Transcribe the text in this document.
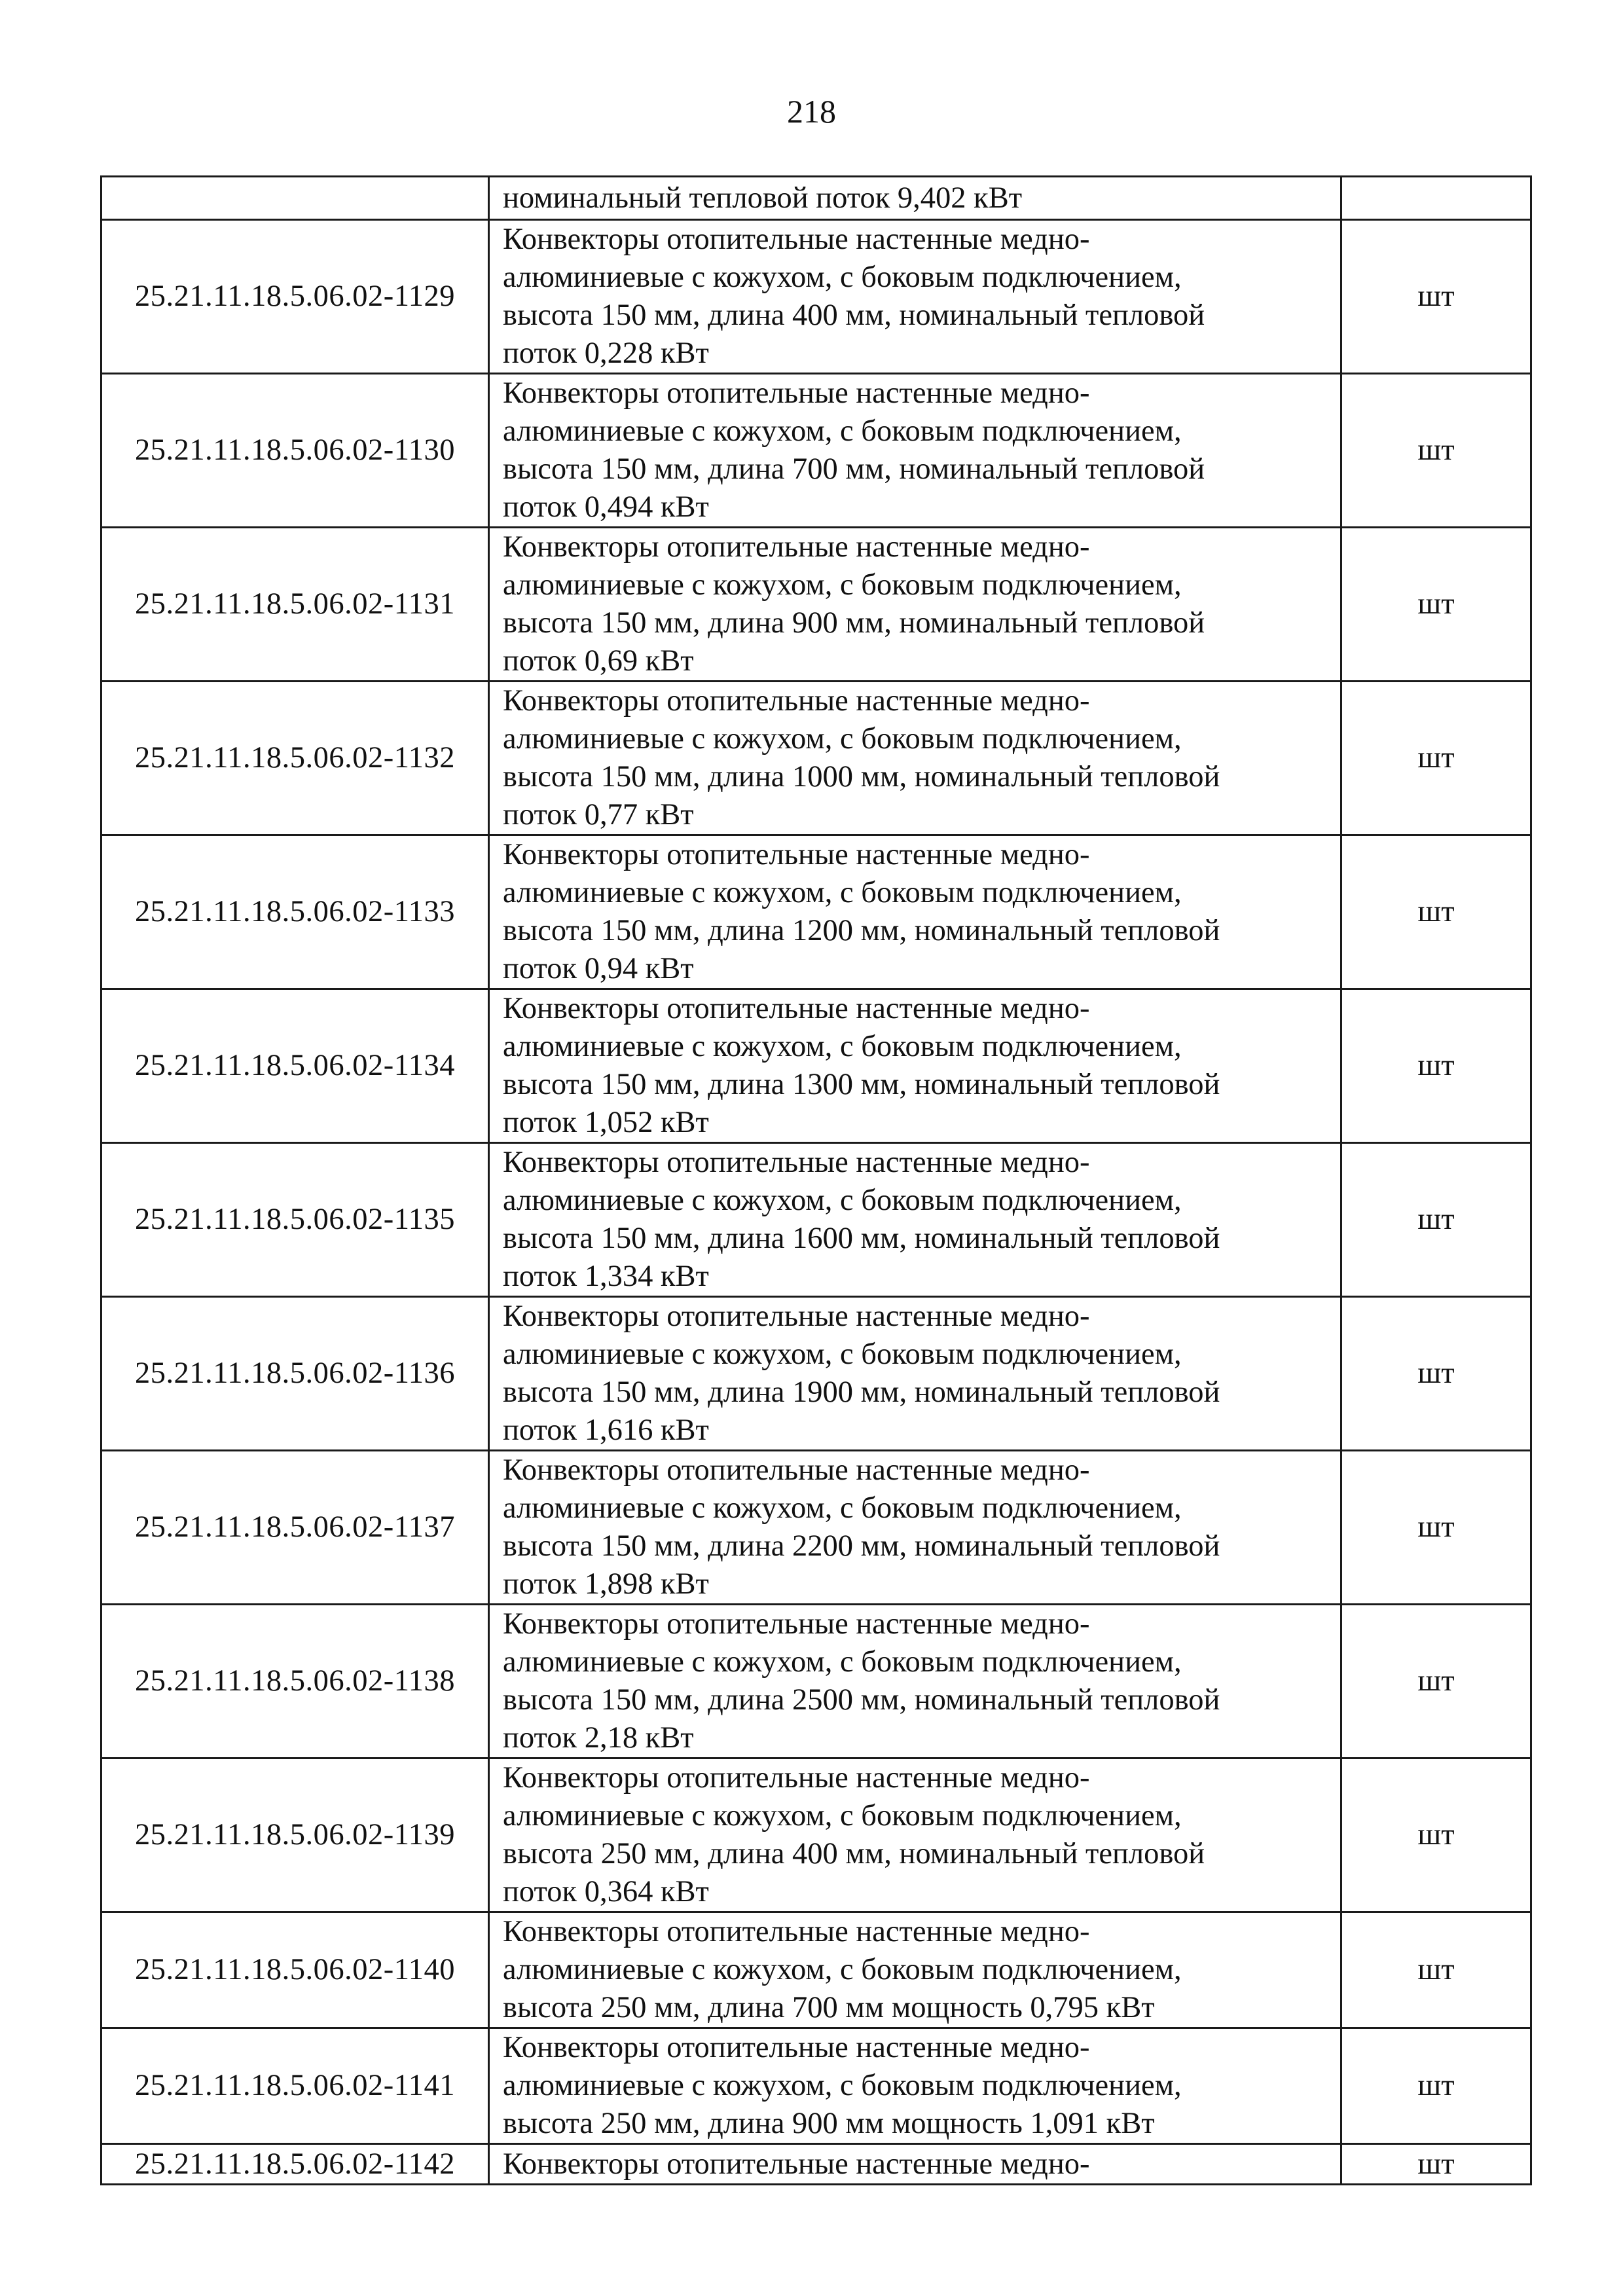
218

	номинальный тепловой поток 9,402 кВт	

25.21.11.18.5.06.02-1129	Конвекторы отопительные настенные медно-
алюминиевые с кожухом, с боковым подключением,
высота 150 мм, длина 400 мм, номинальный тепловой
поток 0,228 кВт	шт
25.21.11.18.5.06.02-1130	Конвекторы отопительные настенные медно-
алюминиевые с кожухом, с боковым подключением,
высота 150 мм, длина 700 мм, номинальный тепловой
поток 0,494 кВт	шт
25.21.11.18.5.06.02-1131	Конвекторы отопительные настенные медно-
алюминиевые с кожухом, с боковым подключением,
высота 150 мм, длина 900 мм, номинальный тепловой
поток 0,69 кВт	шт
25.21.11.18.5.06.02-1132	Конвекторы отопительные настенные медно-
алюминиевые с кожухом, с боковым подключением,
высота 150 мм, длина 1000 мм, номинальный тепловой
поток 0,77 кВт	шт
25.21.11.18.5.06.02-1133	Конвекторы отопительные настенные медно-
алюминиевые с кожухом, с боковым подключением,
высота 150 мм, длина 1200 мм, номинальный тепловой
поток 0,94 кВт	шт
25.21.11.18.5.06.02-1134	Конвекторы отопительные настенные медно-
алюминиевые с кожухом, с боковым подключением,
высота 150 мм, длина 1300 мм, номинальный тепловой
поток 1,052 кВт	шт
25.21.11.18.5.06.02-1135	Конвекторы отопительные настенные медно-
алюминиевые с кожухом, с боковым подключением,
высота 150 мм, длина 1600 мм, номинальный тепловой
поток 1,334 кВт	шт
25.21.11.18.5.06.02-1136	Конвекторы отопительные настенные медно-
алюминиевые с кожухом, с боковым подключением,
высота 150 мм, длина 1900 мм, номинальный тепловой
поток 1,616 кВт	шт
25.21.11.18.5.06.02-1137	Конвекторы отопительные настенные медно-
алюминиевые с кожухом, с боковым подключением,
высота 150 мм, длина 2200 мм, номинальный тепловой
поток 1,898 кВт	шт
25.21.11.18.5.06.02-1138	Конвекторы отопительные настенные медно-
алюминиевые с кожухом, с боковым подключением,
высота 150 мм, длина 2500 мм, номинальный тепловой
поток 2,18 кВт	шт
25.21.11.18.5.06.02-1139	Конвекторы отопительные настенные медно-
алюминиевые с кожухом, с боковым подключением,
высота 250 мм, длина 400 мм, номинальный тепловой
поток 0,364 кВт	шт
25.21.11.18.5.06.02-1140	Конвекторы отопительные настенные медно-
алюминиевые с кожухом, с боковым подключением,
высота 250 мм, длина 700 мм мощность 0,795 кВт	шт
25.21.11.18.5.06.02-1141	Конвекторы отопительные настенные медно-
алюминиевые с кожухом, с боковым подключением,
высота 250 мм, длина 900 мм мощность 1,091 кВт	шт
25.21.11.18.5.06.02-1142	Конвекторы отопительные настенные медно-	шт
